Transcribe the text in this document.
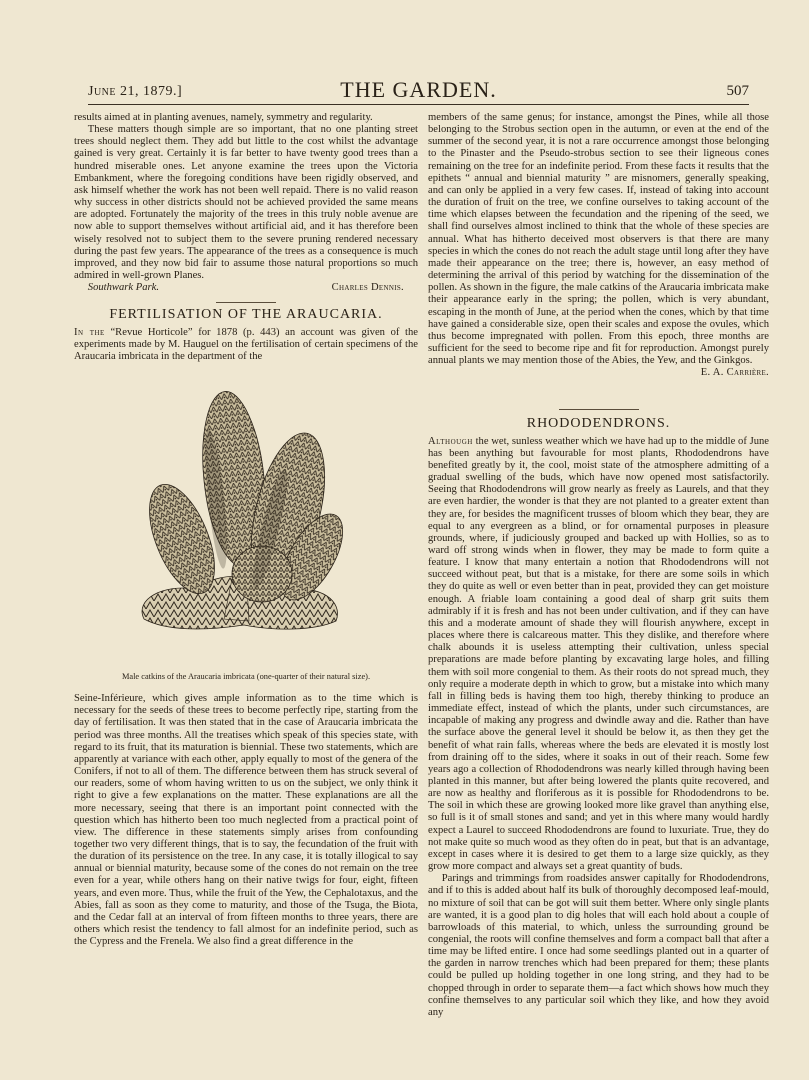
June 21, 1879.]	THE GARDEN.	507

results aimed at in planting avenues, namely, symmetry and regularity.

These matters though simple are so important, that no one planting street trees should neglect them. They add but little to the cost whilst the advantage gained is very great. Certainly it is far better to have twenty good trees than a hundred miserable ones. Let anyone examine the trees upon the Victoria Embankment, where the foregoing conditions have been rigidly observed, and ask himself whether the work has not been well repaid. There is no valid reason why success in other districts should not be achieved provided the same means are adopted. Fortunately the majority of the trees in this truly noble avenue are now able to support themselves without artificial aid, and it has therefore been wisely resolved not to subject them to the severe pruning rendered necessary during the past few years. The appearance of the trees as a consequence is much improved, and they now bid fair to assume those natural proportions so much admired in well-grown Planes.

Southwark Park.	Charles Dennis.
FERTILISATION OF THE ARAUCARIA.

In the “Revue Horticole” for 1878 (p. 443) an account was given of the experiments made by M. Hauguel on the fertilisation of certain specimens of the Araucaria imbricata in the department of the

Male catkins of the Araucaria imbricata (one-quarter of their natural size).

Seine-Inférieure, which gives ample information as to the time which is necessary for the seeds of these trees to become perfectly ripe, starting from the day of fertilisation. It was then stated that in the case of Araucaria imbricata the period was three months. All the treatises which speak of this species state, with regard to its fruit, that its maturation is biennial. These two statements, which are apparently at variance with each other, apply equally to most of the genera of the Conifers, if not to all of them. The difference between them has struck several of our readers, some of whom having written to us on the subject, we only think it right to give a few explanations on the matter. These explanations are all the more necessary, seeing that there is an important point connected with the question which has hitherto been too much neglected from a practical point of view. The difference in these statements simply arises from confounding together two very different things, that is to say, the fecundation of the fruit with the duration of its persistence on the tree. In any case, it is totally illogical to say annual or biennial maturity, because some of the cones do not remain on the tree even for a year, while others hang on their native twigs for four, eight, fifteen years, and even more. Thus, while the fruit of the Yew, the Cephalotaxus, and the Abies, fall as soon as they come to maturity, and those of the Tsuga, the Biota, and the Cedar fall at an interval of from fifteen months to three years, there are others which resist the tendency to fall almost for an indefinite period, such as the Cypress and the Frenela. We also find a great difference in the

members of the same genus; for instance, amongst the Pines, while all those belonging to the Strobus section open in the autumn, or even at the end of the summer of the second year, it is not a rare occurrence amongst those belonging to the Pinaster and the Pseudo-strobus section to see their ligneous cones remaining on the tree for an indefinite period. From these facts it results that the epithets “ annual and biennial maturity ” are misnomers, generally speaking, and can only be applied in a very few cases. If, instead of taking into account the duration of fruit on the tree, we confine ourselves to taking account of the time which elapses between the fecundation and the ripening of the seed, we shall find ourselves almost inclined to think that the whole of these species are annual. What has hitherto deceived most observers is that there are many species in which the cones do not reach the adult stage until long after they have made their appearance on the tree; there is, however, an easy method of determining the arrival of this period by watching for the dissemination of the pollen. As shown in the figure, the male catkins of the Araucaria imbricata make their appearance early in the spring; the pollen, which is very abundant, escaping in the month of June, at the period when the cones, which by that time have gained a considerable size, open their scales and expose the ovules, which thus become impregnated with pollen. From this epoch, three months are sufficient for the seed to become ripe and fit for reproduction. Amongst purely annual plants we may mention those of the Abies, the Yew, and the Ginkgos.

E. A. Carrière.
RHODODENDRONS.

Although the wet, sunless weather which we have had up to the middle of June has been anything but favourable for most plants, Rhododendrons have benefited greatly by it, the cool, moist state of the atmosphere admitting of a gradual swelling of the buds, which have now opened most satisfactorily. Seeing that Rhododendrons will grow nearly as freely as Laurels, and that they are even hardier, the wonder is that they are not planted to a greater extent than they are, for besides the magnificent trusses of bloom which they bear, they are equal to any evergreen as a blind, or for ornamental purposes in pleasure grounds, where, if judiciously grouped and backed up with Hollies, so as to ward off strong winds when in flower, they may be made to form quite a feature. I know that many entertain a notion that Rhododendrons will not succeed without peat, but that is a mistake, for there are some soils in which they do quite as well or even better than in peat, provided they can get moisture enough. A friable loam containing a good deal of sharp grit suits them admirably if it is fresh and has not been under cultivation, and if they can have this and a moderate amount of shade they will flourish anywhere, except in places where there is calcareous matter. This they dislike, and therefore where chalk abounds it is useless attempting their cultivation, unless special preparations are made before planting by excavating large holes, and filling them with soil more congenial to them. As their roots do not spread much, they only require a moderate depth in which to grow, but a mistake into which many fall in filling beds is having them too high, thereby thinking to produce an immediate effect, instead of which the plants, under such circumstances, are incapable of making any progress and dwindle away and die. Rather than have the surface above the general level it should be below it, as then they get the benefit of what rain falls, whereas where the beds are elevated it is mostly lost from draining off to the sides, where it soaks in out of their reach. Some few years ago a collection of Rhododendrons was nearly killed through having been planted in this manner, but after being lowered the plants quite recovered, and are now as healthy and floriferous as it is possible for Rhododendrons to be. The soil in which these are growing looked more like gravel than anything else, so full is it of small stones and sand; and yet in this where many would hardly expect a Laurel to succeed Rhododendrons are found to luxuriate. True, they do not make quite so much wood as they often do in peat, but that is an advantage, except in cases where it is desired to get them to a large size quickly, as they grow more compact and always set a great quantity of buds.

Parings and trimmings from roadsides answer capitally for Rhododendrons, and if to this is added about half its bulk of thoroughly decomposed leaf-mould, no mixture of soil that can be got will suit them better. Where only single plants are wanted, it is a good plan to dig holes that will each hold about a couple of barrowloads of this material, to which, unless the surrounding ground be congenial, the roots will confine themselves and form a compact ball that after a time may be lifted entire. I once had some seedlings planted out in a quarter of the garden in narrow trenches which had been prepared for them; these plants could be pulled up holding together in one long string, and they had to be chopped through in order to separate them—a fact which shows how much they confine themselves to any particular soil which they like, and how they avoid any
